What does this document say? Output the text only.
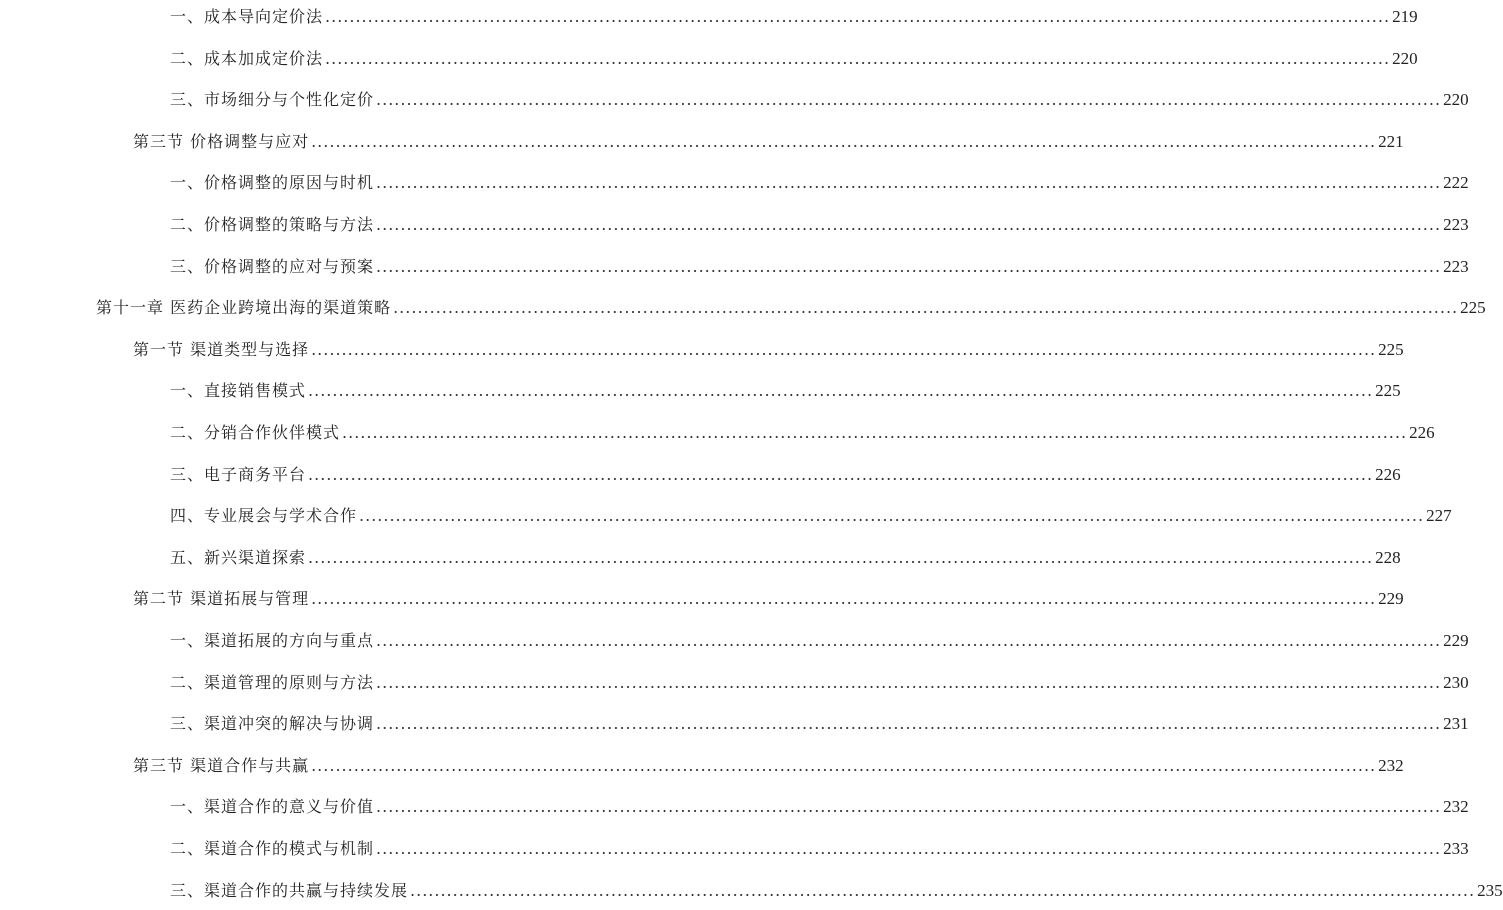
一、成本导向定价法 ............................................................................................................................................................................... 219
二、成本加成定价法 ............................................................................................................................................................................... 220
三、市场细分与个性化定价 ............................................................................................................................................................................... 220
第三节 价格调整与应对 ............................................................................................................................................................................... 221
一、价格调整的原因与时机 ............................................................................................................................................................................... 222
二、价格调整的策略与方法 ............................................................................................................................................................................... 223
三、价格调整的应对与预案 ............................................................................................................................................................................... 223
第十一章 医药企业跨境出海的渠道策略 ............................................................................................................................................................................... 225
第一节 渠道类型与选择 ............................................................................................................................................................................... 225
一、直接销售模式 ............................................................................................................................................................................... 225
二、分销合作伙伴模式 ............................................................................................................................................................................... 226
三、电子商务平台 ............................................................................................................................................................................... 226
四、专业展会与学术合作 ............................................................................................................................................................................... 227
五、新兴渠道探索 ............................................................................................................................................................................... 228
第二节 渠道拓展与管理 ............................................................................................................................................................................... 229
一、渠道拓展的方向与重点 ............................................................................................................................................................................... 229
二、渠道管理的原则与方法 ............................................................................................................................................................................... 230
三、渠道冲突的解决与协调 ............................................................................................................................................................................... 231
第三节 渠道合作与共赢 ............................................................................................................................................................................... 232
一、渠道合作的意义与价值 ............................................................................................................................................................................... 232
二、渠道合作的模式与机制 ............................................................................................................................................................................... 233
三、渠道合作的共赢与持续发展 ............................................................................................................................................................................... 235
